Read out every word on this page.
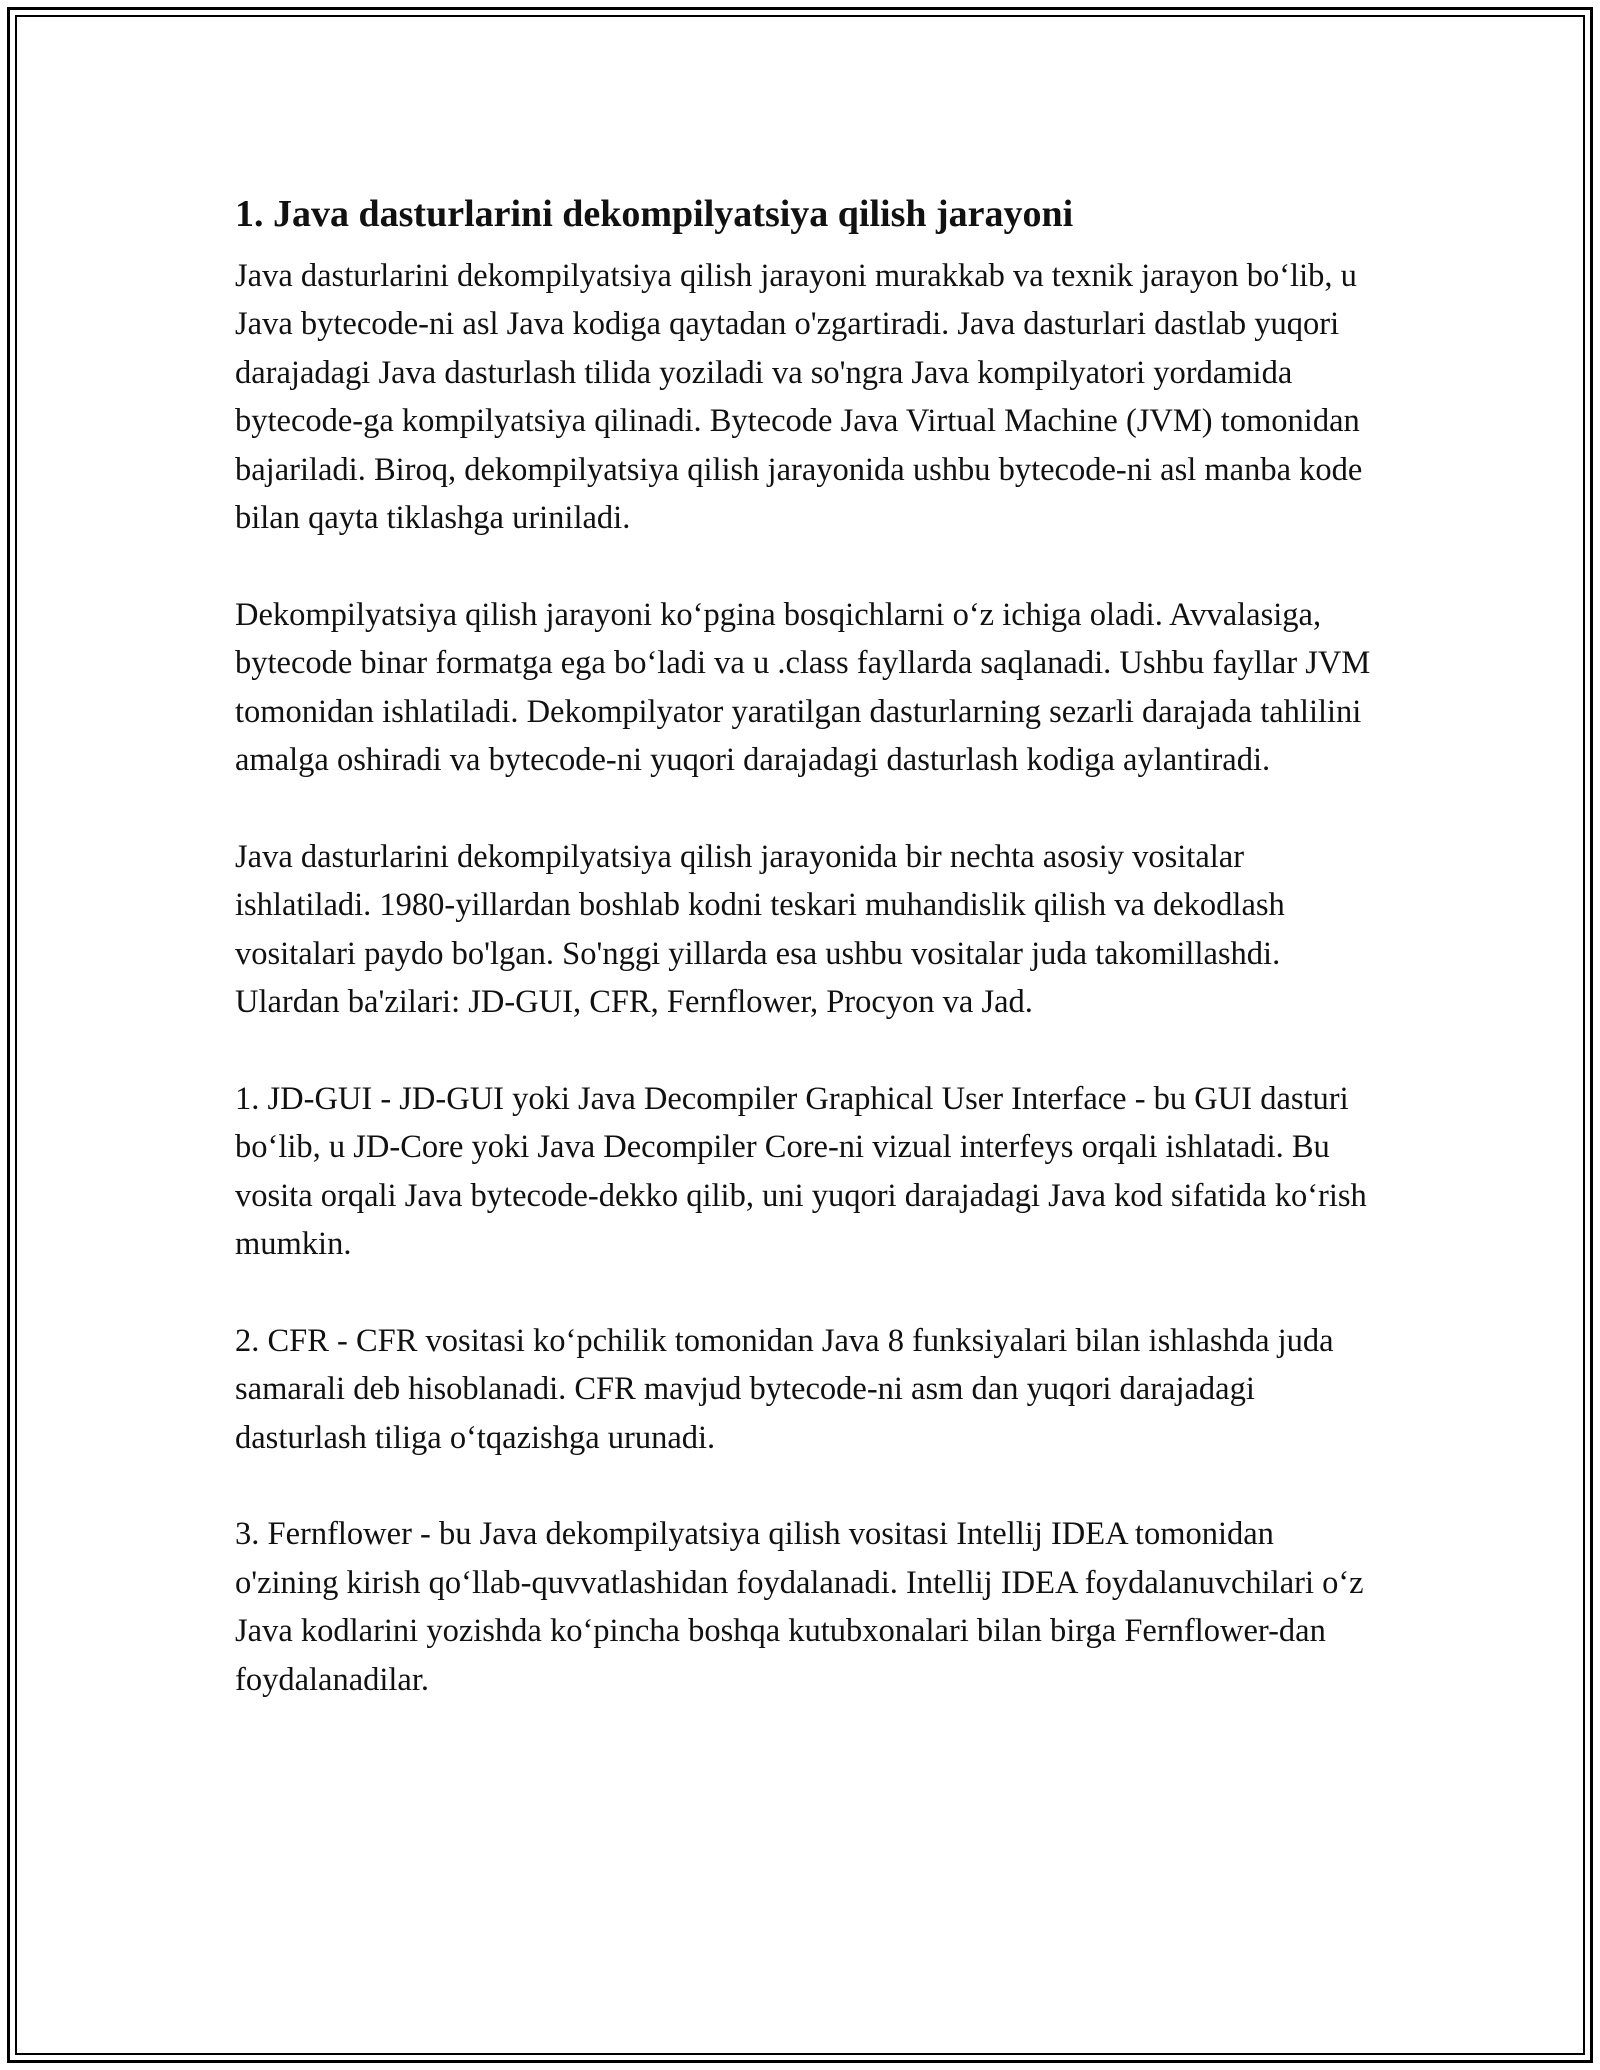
1. Java dasturlarini dekompilyatsiya qilish jarayoni

Java dasturlarini dekompilyatsiya qilish jarayoni murakkab va texnik jarayon bo‘lib, u Java bytecode-ni asl Java kodiga qaytadan o'zgartiradi. Java dasturlari dastlab yuqori darajadagi Java dasturlash tilida yoziladi va so'ngra Java kompilyatori yordamida bytecode-ga kompilyatsiya qilinadi. Bytecode Java Virtual Machine (JVM) tomonidan bajariladi. Biroq, dekompilyatsiya qilish jarayonida ushbu bytecode-ni asl manba kode bilan qayta tiklashga uriniladi.

Dekompilyatsiya qilish jarayoni ko‘pgina bosqichlarni o‘z ichiga oladi. Avvalasiga, bytecode binar formatga ega bo‘ladi va u .class fayllarda saqlanadi. Ushbu fayllar JVM tomonidan ishlatiladi. Dekompilyator yaratilgan dasturlarning sezarli darajada tahlilini amalga oshiradi va bytecode-ni yuqori darajadagi dasturlash kodiga aylantiradi.

Java dasturlarini dekompilyatsiya qilish jarayonida bir nechta asosiy vositalar ishlatiladi. 1980-yillardan boshlab kodni teskari muhandislik qilish va dekodlash vositalari paydo bo'lgan. So'nggi yillarda esa ushbu vositalar juda takomillashdi. Ulardan ba'zilari: JD-GUI, CFR, Fernflower, Procyon va Jad.

1. JD-GUI - JD-GUI yoki Java Decompiler Graphical User Interface - bu GUI dasturi bo‘lib, u JD-Core yoki Java Decompiler Core-ni vizual interfeys orqali ishlatadi. Bu vosita orqali Java bytecode-dekko qilib, uni yuqori darajadagi Java kod sifatida ko‘rish mumkin.

2. CFR - CFR vositasi ko‘pchilik tomonidan Java 8 funksiyalari bilan ishlashda juda samarali deb hisoblanadi. CFR mavjud bytecode-ni asm dan yuqori darajadagi dasturlash tiliga o‘tqazishga urunadi.

3. Fernflower - bu Java dekompilyatsiya qilish vositasi Intellij IDEA tomonidan o'zining kirish qo‘llab-quvvatlashidan foydalanadi. Intellij IDEA foydalanuvchilari o‘z Java kodlarini yozishda ko‘pincha boshqa kutubxonalari bilan birga Fernflower-dan foydalanadilar.
